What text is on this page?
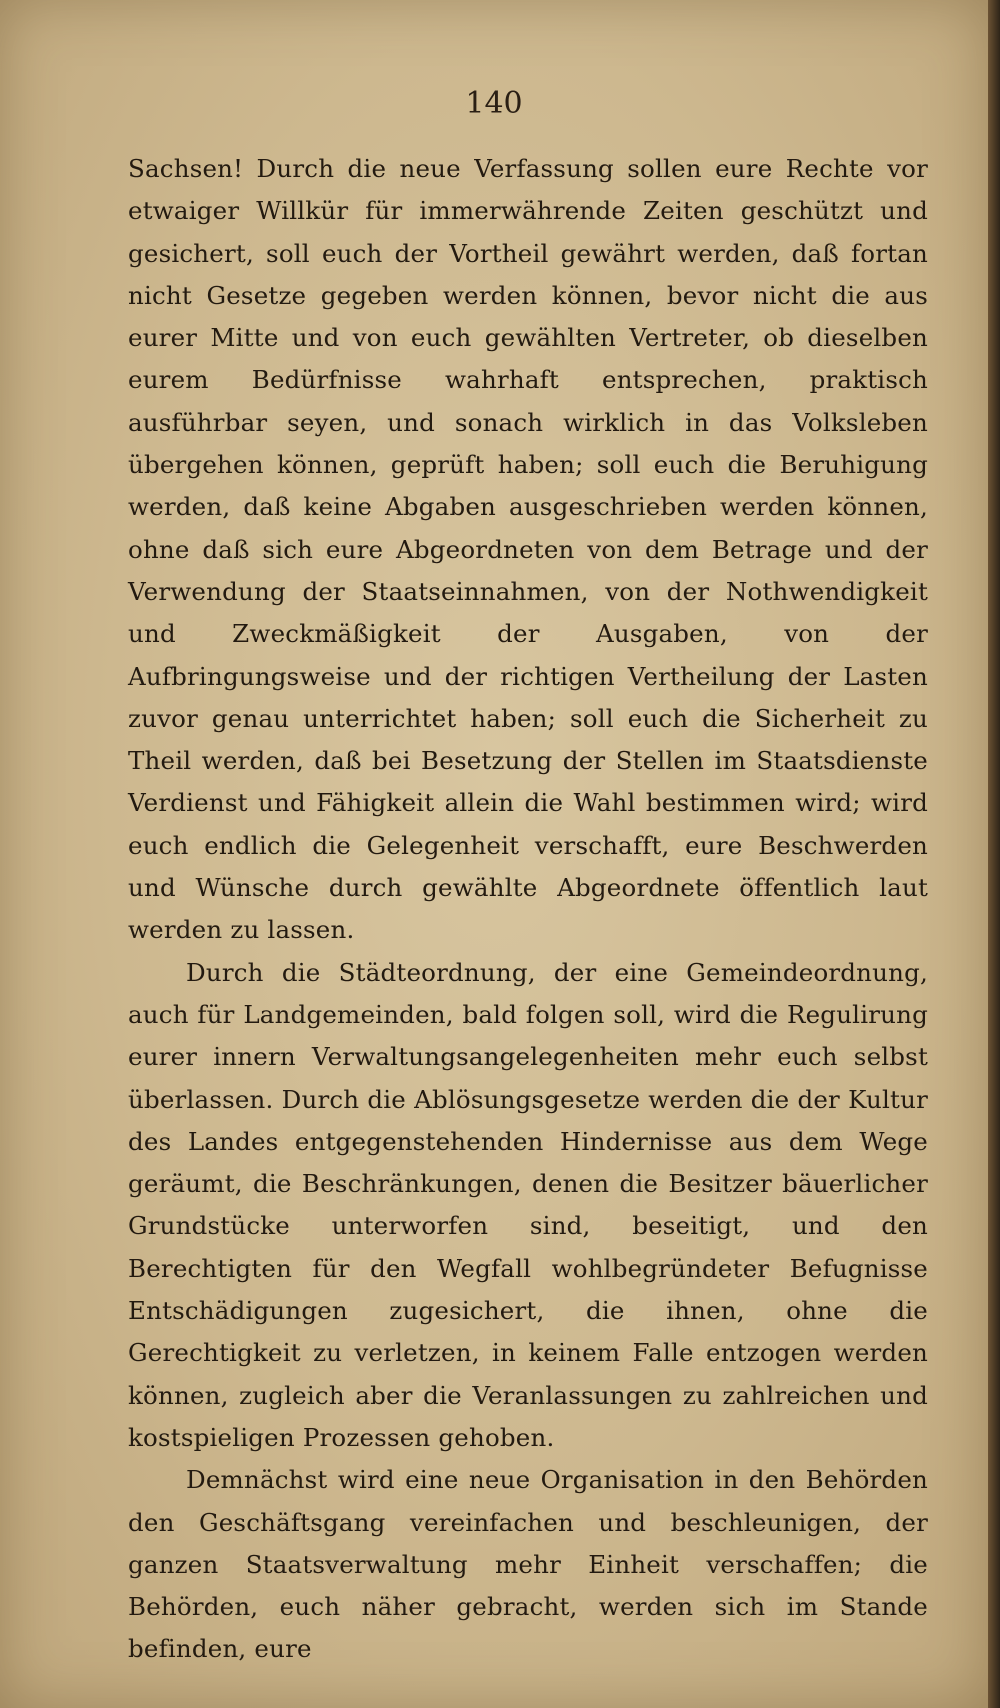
140

Sachsen! Durch die neue Verfassung sollen eure Rechte vor etwaiger Willkür für immerwährende Zeiten geschützt und gesichert, soll euch der Vortheil gewährt werden, daß fortan nicht Gesetze gegeben werden können, bevor nicht die aus eurer Mitte und von euch gewählten Vertreter, ob dieselben eurem Bedürfnisse wahrhaft entsprechen, praktisch ausführbar seyen, und sonach wirklich in das Volksleben übergehen können, geprüft haben; soll euch die Beruhigung werden, daß keine Abgaben ausgeschrieben werden können, ohne daß sich eure Abgeordneten von dem Betrage und der Verwendung der Staatseinnahmen, von der Nothwendigkeit und Zweckmäßigkeit der Ausgaben, von der Aufbringungsweise und der richtigen Vertheilung der Lasten zuvor genau unterrichtet haben; soll euch die Sicherheit zu Theil werden, daß bei Besetzung der Stellen im Staatsdienste Verdienst und Fähigkeit allein die Wahl bestimmen wird; wird euch endlich die Gelegenheit verschafft, eure Beschwerden und Wünsche durch gewählte Abgeordnete öffentlich laut werden zu lassen.

Durch die Städteordnung, der eine Gemeindeordnung, auch für Landgemeinden, bald folgen soll, wird die Regulirung eurer innern Verwaltungsangelegenheiten mehr euch selbst überlassen. Durch die Ablösungsgesetze werden die der Kultur des Landes entgegenstehenden Hindernisse aus dem Wege geräumt, die Beschränkungen, denen die Besitzer bäuerlicher Grundstücke unterworfen sind, beseitigt, und den Berechtigten für den Wegfall wohlbegründeter Befugnisse Entschädigungen zugesichert, die ihnen, ohne die Gerechtigkeit zu verletzen, in keinem Falle entzogen werden können, zugleich aber die Veranlassungen zu zahlreichen und kostspieligen Prozessen gehoben.

Demnächst wird eine neue Organisation in den Behörden den Geschäftsgang vereinfachen und beschleunigen, der ganzen Staatsverwaltung mehr Einheit verschaffen; die Behörden, euch näher gebracht, werden sich im Stande befinden, eure
